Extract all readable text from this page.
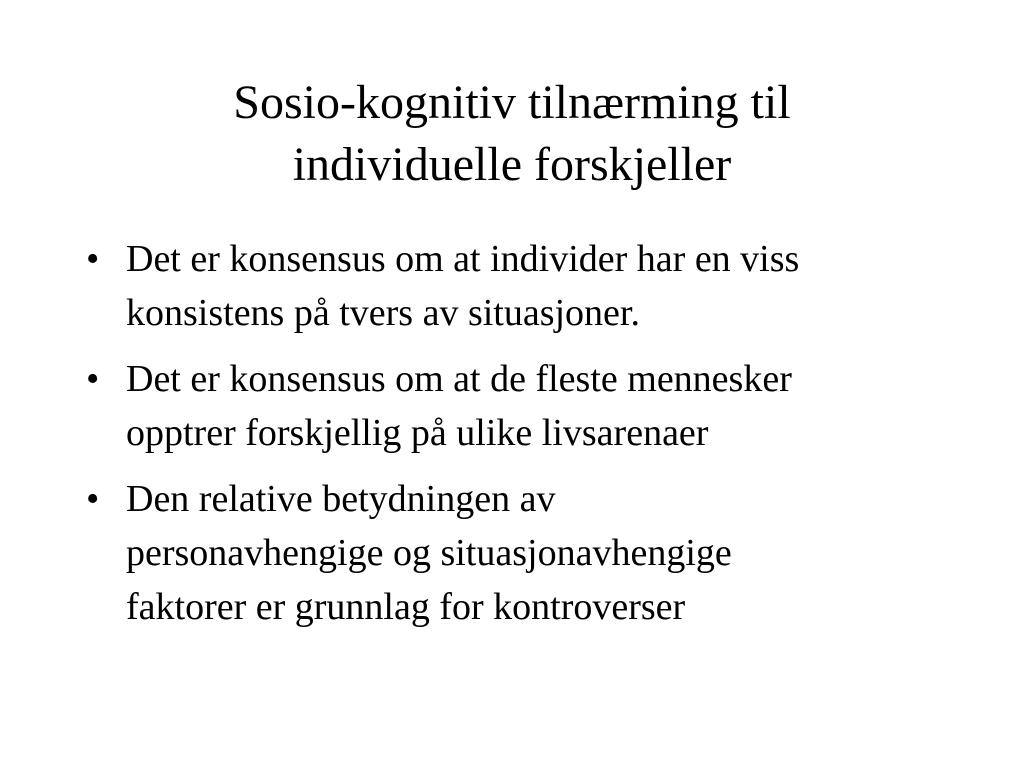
Sosio-kognitiv tilnærming til
individuelle forskjeller
• Det er konsensus om at individer har en viss
konsistens på tvers av situasjoner.
• Det er konsensus om at de fleste mennesker
opptrer forskjellig på ulike livsarenaer
• Den relative betydningen av
personavhengige og situasjonavhengige
faktorer er grunnlag for kontroverser
